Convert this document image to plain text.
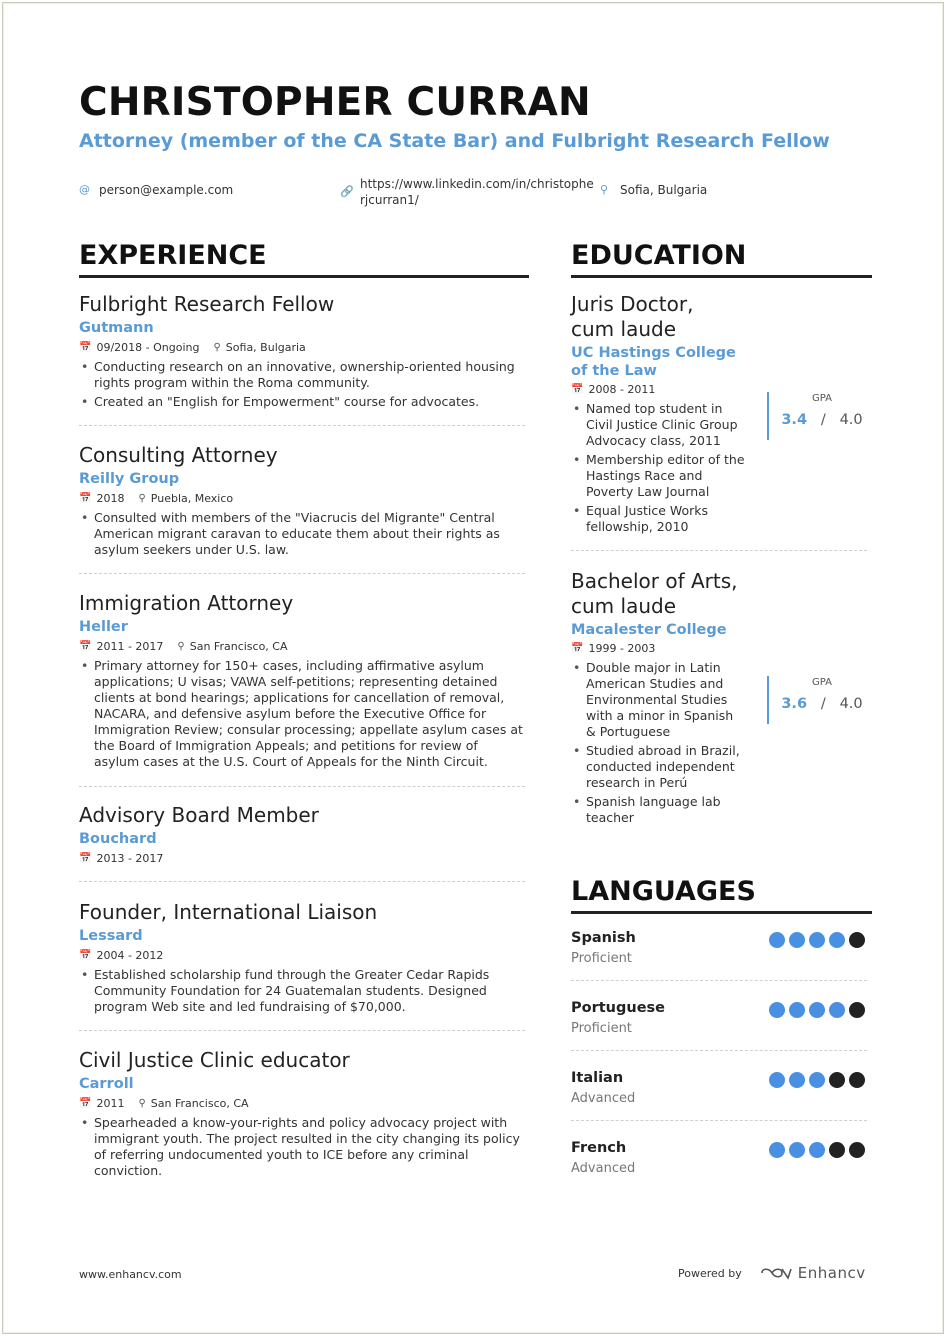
CHRISTOPHER CURRAN
Attorney (member of the CA State Bar) and Fulbright Research Fellow
@ person@example.com	🔗
https://www.linkedin.com/in/christophe
rjcurran1/
⚲ Sofia, Bulgaria
EXPERIENCE	EDUCATION
LANGUAGES
Fulbright Research Fellow
Gutmann
📅 09/2018 - Ongoing ⚲ Sofia, Bulgaria
• Conducting research on an innovative, ownership-oriented housing rights program within the Roma community.
• Created an "English for Empowerment" course for advocates.
Consulting Attorney
Reilly Group
📅 2018 ⚲ Puebla, Mexico
• Consulted with members of the "Viacrucis del Migrante" Central American migrant caravan to educate them about their rights as asylum seekers under U.S. law.
Immigration Attorney
Heller
📅 2011 - 2017 ⚲ San Francisco, CA
• Primary attorney for 150+ cases, including affirmative asylum applications; U visas; VAWA self-petitions; representing detained clients at bond hearings; applications for cancellation of removal, NACARA, and defensive asylum before the Executive Office for Immigration Review; consular processing; appellate asylum cases at the Board of Immigration Appeals; and petitions for review of asylum cases at the U.S. Court of Appeals for the Ninth Circuit.
Advisory Board Member
Bouchard
📅 2013 - 2017
Founder, International Liaison
Lessard
📅 2004 - 2012
• Established scholarship fund through the Greater Cedar Rapids Community Foundation for 24 Guatemalan students. Designed program Web site and led fundraising of $70,000.
Civil Justice Clinic educator
Carroll
📅 2011 ⚲ San Francisco, CA
• Spearheaded a know-your-rights and policy advocacy project with immigrant youth. The project resulted in the city changing its policy of referring undocumented youth to ICE before any criminal conviction.
Juris Doctor,
cum laude
UC Hastings College of the Law
📅 2008 - 2011
• Named top student in Civil Justice Clinic Group Advocacy class, 2011
• Membership editor of the Hastings Race and Poverty Law Journal
• Equal Justice Works fellowship, 2010
GPA
3.4 / 4.0
Bachelor of Arts,
cum laude
Macalester College
📅 1999 - 2003
• Double major in Latin American Studies and Environmental Studies with a minor in Spanish & Portuguese
• Studied abroad in Brazil, conducted independent research in Perú
• Spanish language lab teacher
GPA
3.6 / 4.0
Spanish
Proficient
Portuguese
Proficient
Italian
Advanced
French
Advanced
www.enhancv.com	Powered by	Enhancv
